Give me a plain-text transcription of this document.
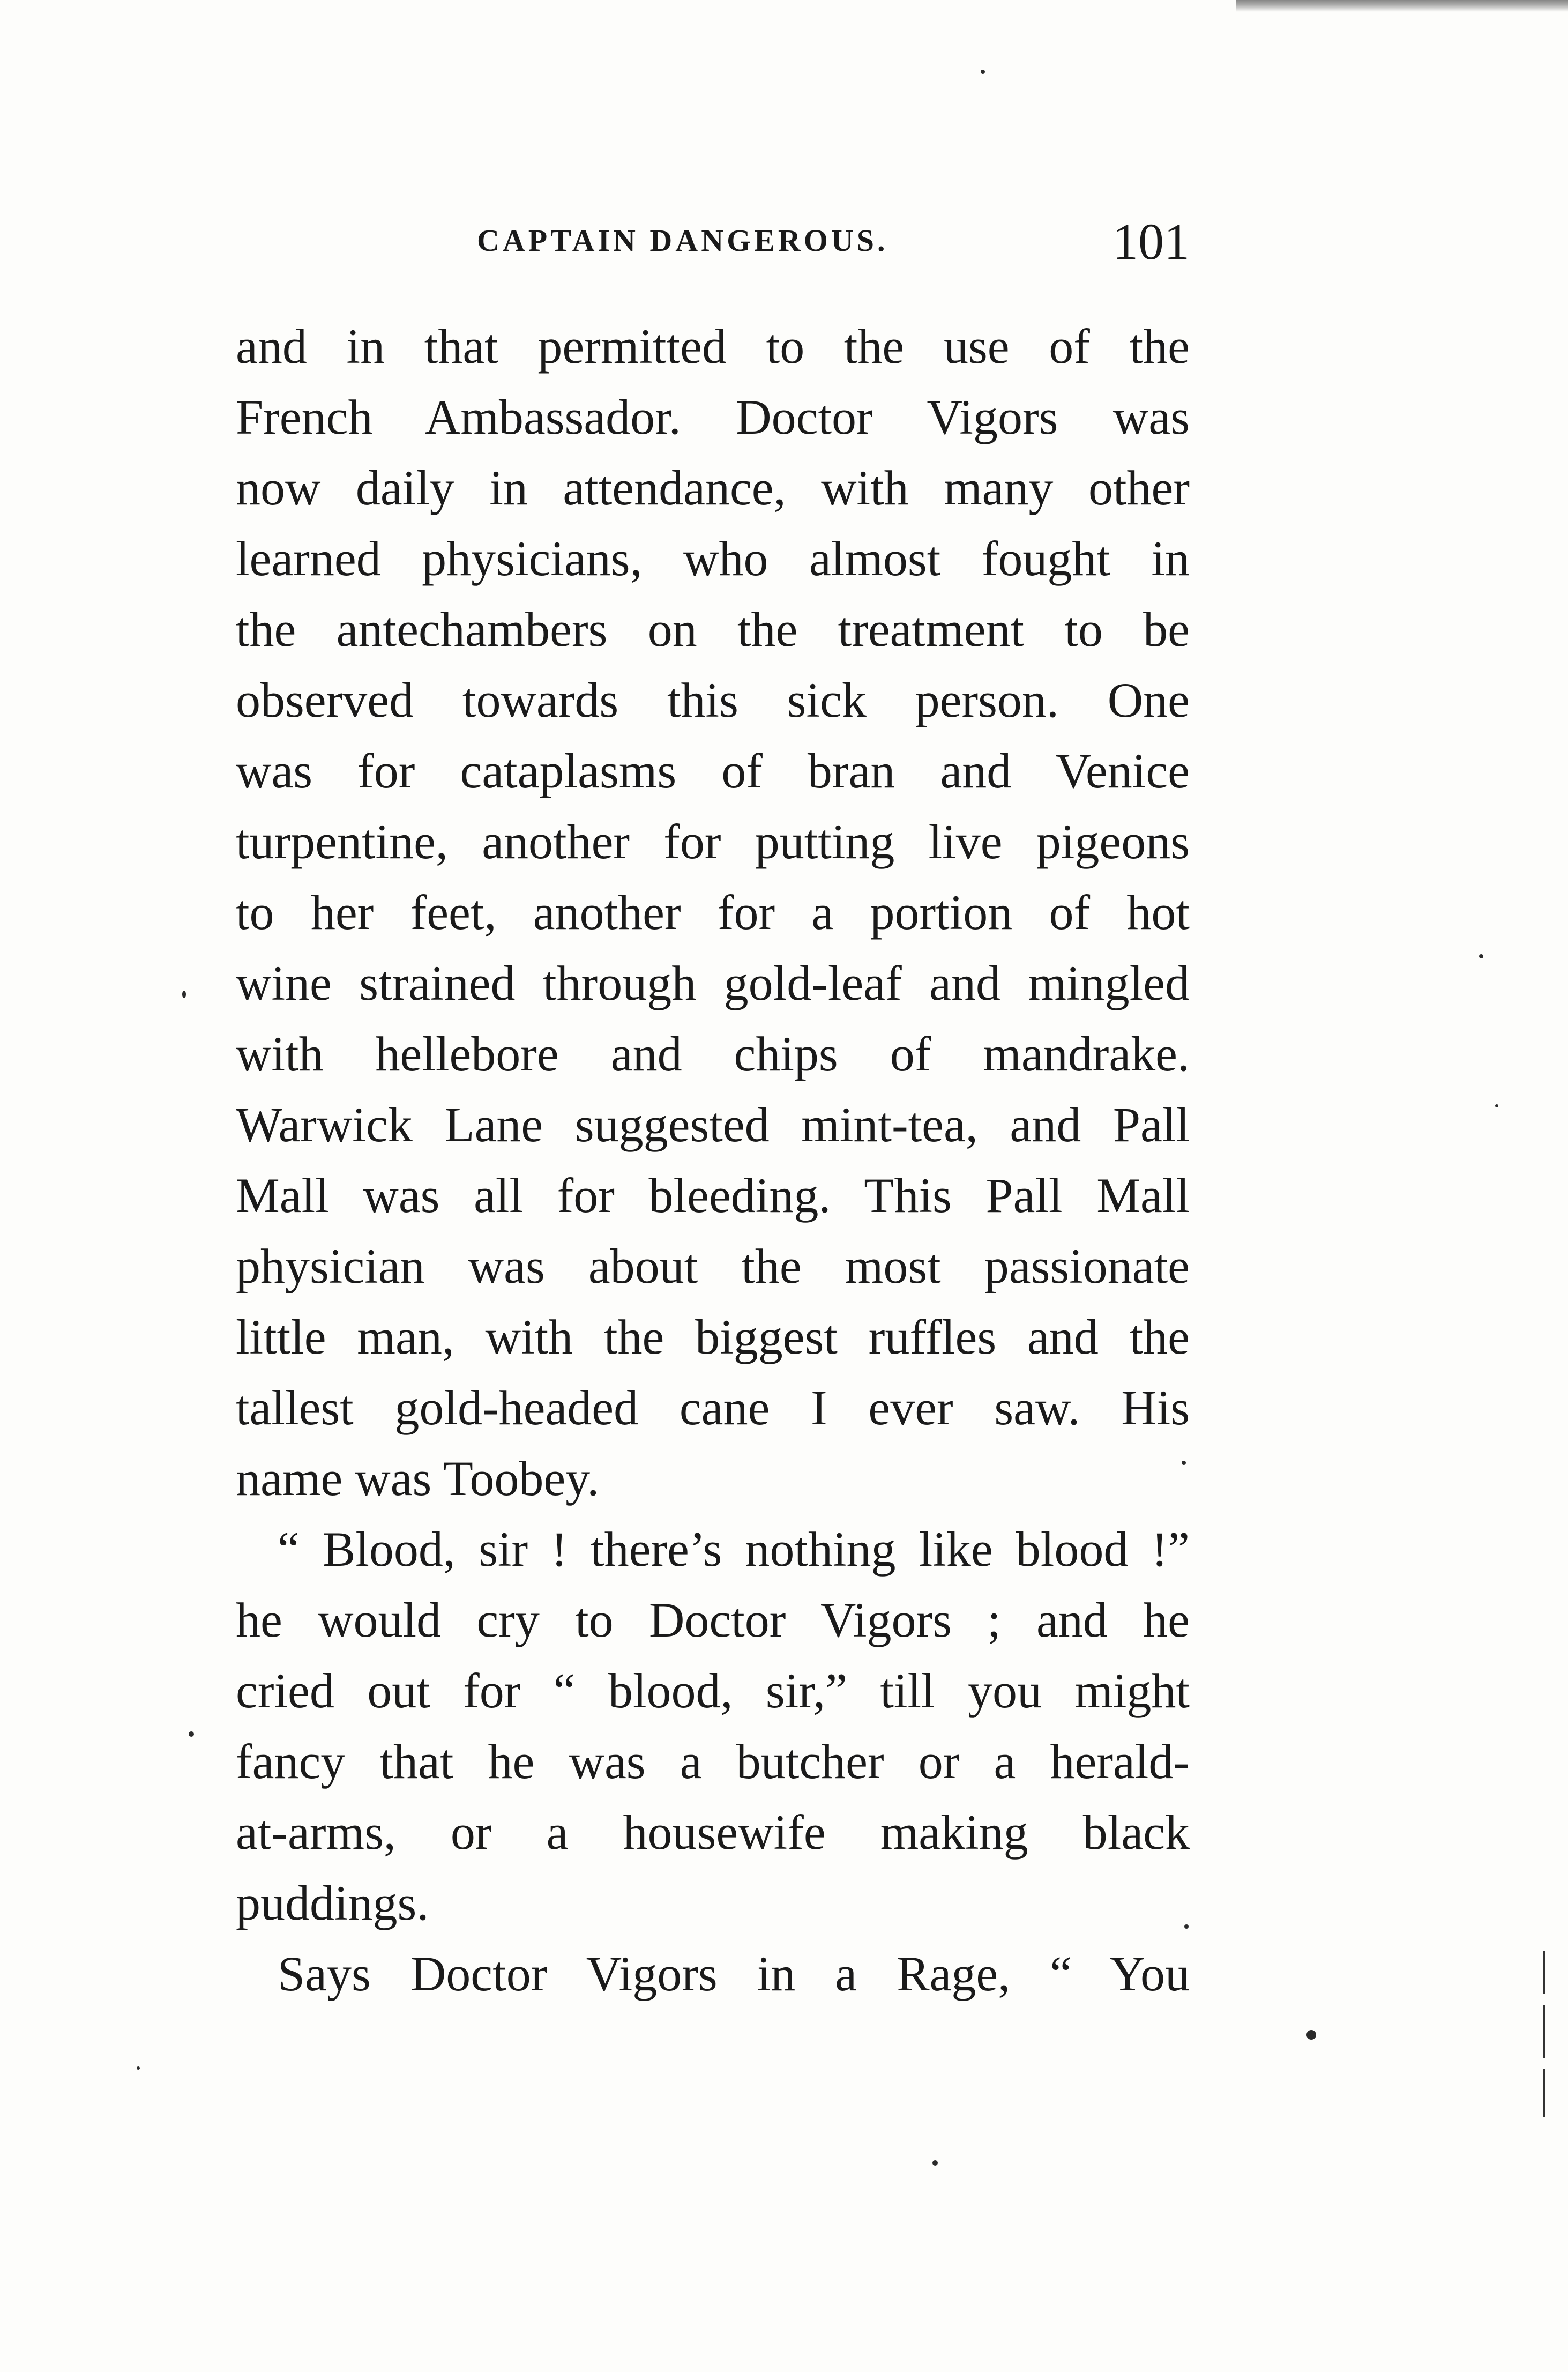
CAPTAIN DANGEROUS.	101
and in that permitted to the use of the
French Ambassador. Doctor Vigors was
now daily in attendance, with many other
learned physicians, who almost fought in
the antechambers on the treatment to be
observed towards this sick person. One
was for cataplasms of bran and Venice
turpentine, another for putting live pigeons
to her feet, another for a portion of hot
wine strained through gold-leaf and mingled
with hellebore and chips of mandrake.
Warwick Lane suggested mint-tea, and Pall
Mall was all for bleeding. This Pall Mall
physician was about the most passionate
little man, with the biggest ruffles and the
tallest gold-headed cane I ever saw. His
name was Toobey.
“ Blood, sir ! there’s nothing like blood !”
he would cry to Doctor Vigors ; and he
cried out for “ blood, sir,” till you might
fancy that he was a butcher or a herald-
at-arms, or a housewife making black
puddings.
Says Doctor Vigors in a Rage, “ You
